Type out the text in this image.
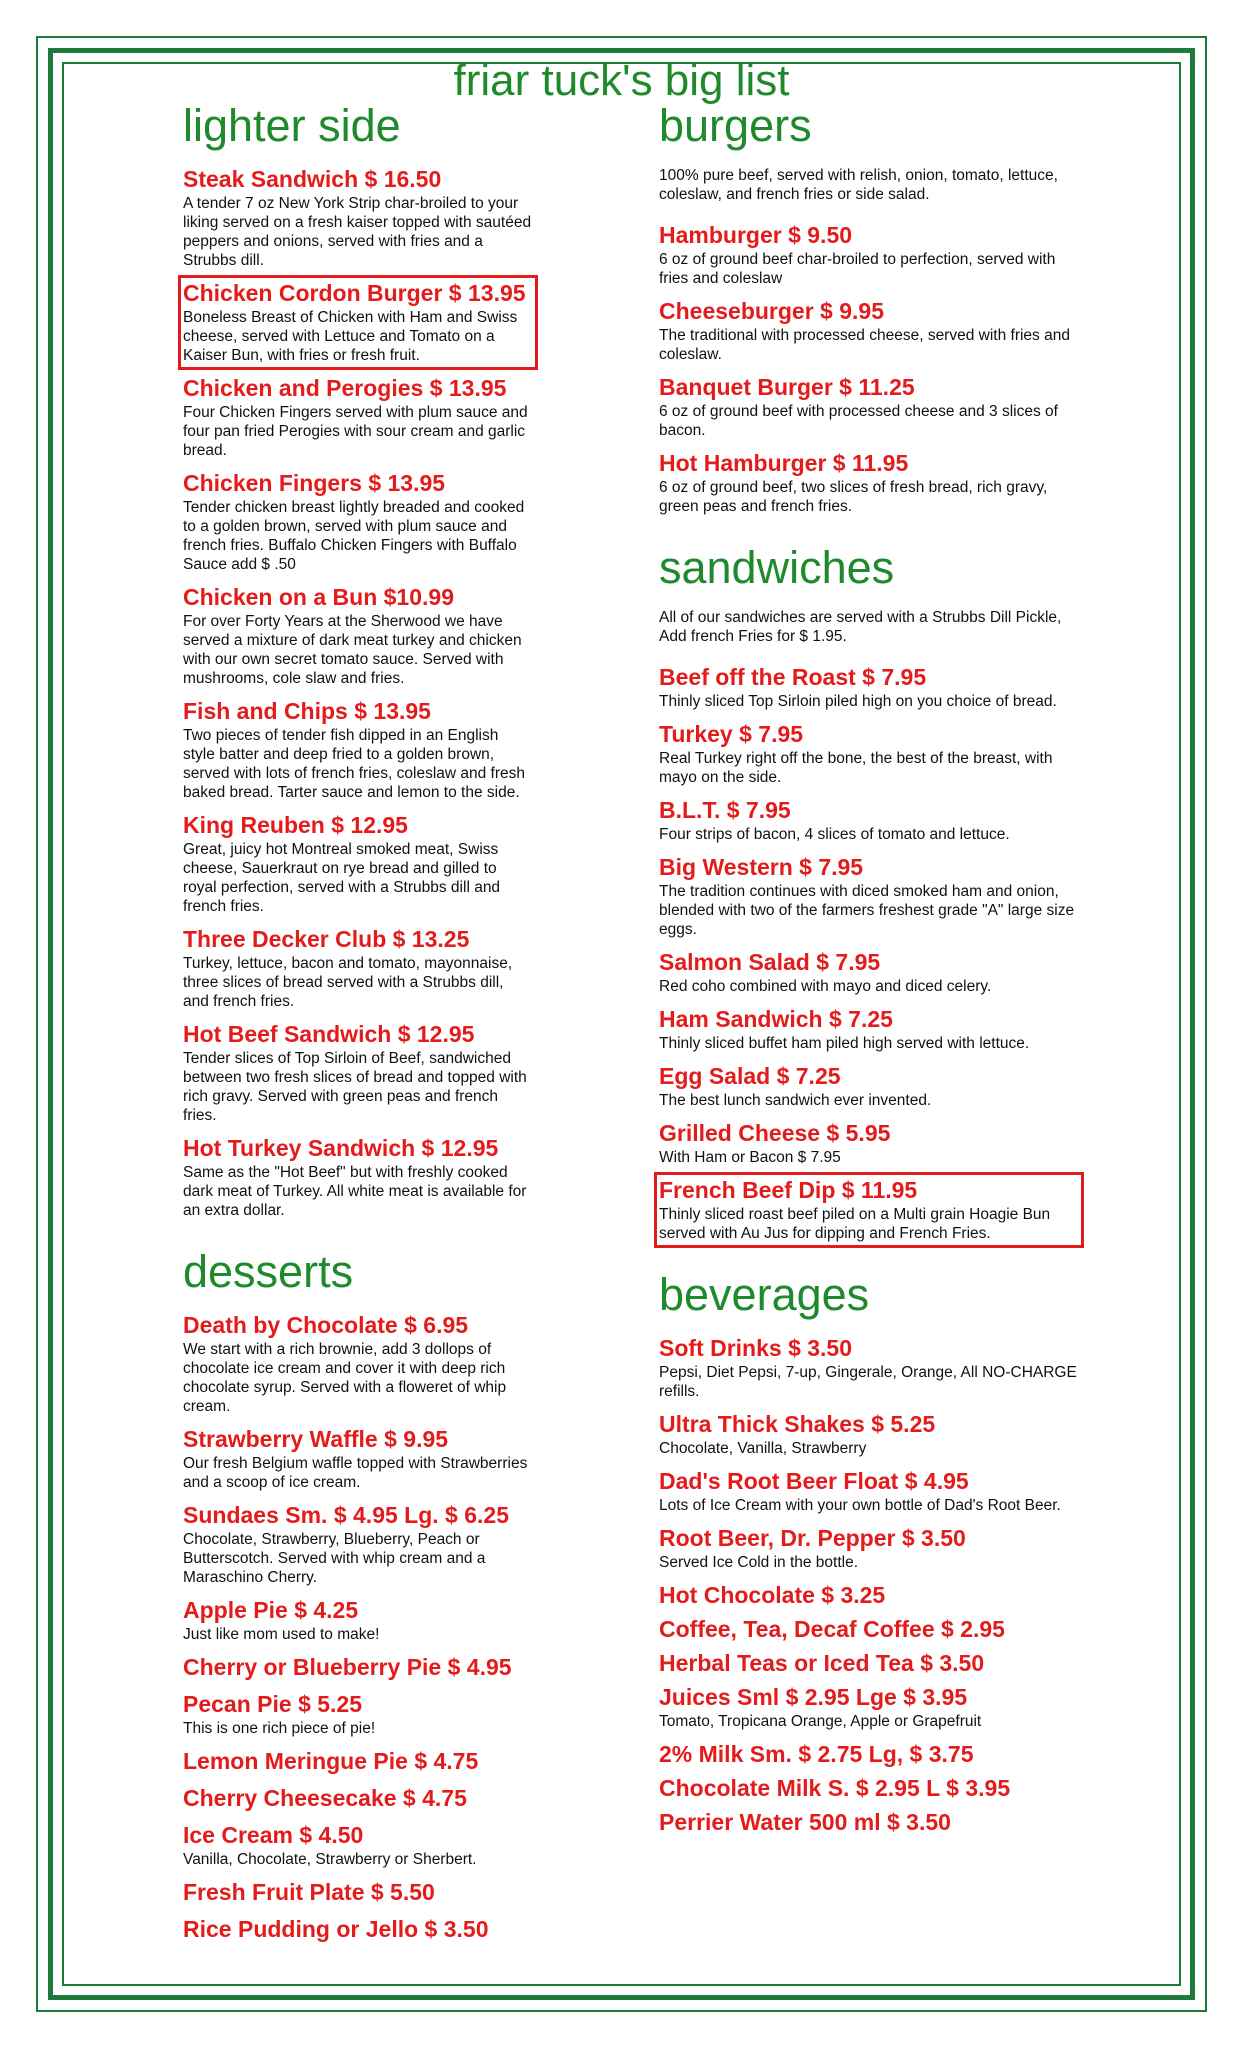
friar tuck's big list
lighter side
Steak Sandwich $ 16.50
A tender 7 oz New York Strip char-broiled to your liking served on a fresh kaiser topped with sautéed peppers and onions, served with fries and a Strubbs dill.
Chicken Cordon Burger $ 13.95
Boneless Breast of Chicken with Ham and Swiss cheese, served with Lettuce and Tomato on a Kaiser Bun, with fries or fresh fruit.
Chicken and Perogies $ 13.95
Four Chicken Fingers served with plum sauce and four pan fried Perogies with sour cream and garlic bread.
Chicken Fingers $ 13.95
Tender chicken breast lightly breaded and cooked to a golden brown, served with plum sauce and french fries. Buffalo Chicken Fingers with Buffalo Sauce add $ .50
Chicken on a Bun $10.99
For over Forty Years at the Sherwood we have served a mixture of dark meat turkey and chicken with our own secret tomato sauce. Served with mushrooms, cole slaw and fries.
Fish and Chips $ 13.95
Two pieces of tender fish dipped in an English style batter and deep fried to a golden brown, served with lots of french fries, coleslaw and fresh baked bread. Tarter sauce and lemon to the side.
King Reuben $ 12.95
Great, juicy hot Montreal smoked meat, Swiss cheese, Sauerkraut on rye bread and gilled to royal perfection, served with a Strubbs dill and french fries.
Three Decker Club $ 13.25
Turkey, lettuce, bacon and tomato, mayonnaise, three slices of bread served with a Strubbs dill, and french fries.
Hot Beef Sandwich $ 12.95
Tender slices of Top Sirloin of Beef, sandwiched between two fresh slices of bread and topped with rich gravy. Served with green peas and french fries.
Hot Turkey Sandwich $ 12.95
Same as the "Hot Beef" but with freshly cooked dark meat of Turkey. All white meat is available for an extra dollar.
desserts
Death by Chocolate $ 6.95
We start with a rich brownie, add 3 dollops of chocolate ice cream and cover it with deep rich chocolate syrup. Served with a floweret of whip cream.
Strawberry Waffle $ 9.95
Our fresh Belgium waffle topped with Strawberries and a scoop of ice cream.
Sundaes Sm. $ 4.95 Lg. $ 6.25
Chocolate, Strawberry, Blueberry, Peach or Butterscotch. Served with whip cream and a Maraschino Cherry.
Apple Pie $ 4.25
Just like mom used to make!
Cherry or Blueberry Pie $ 4.95
Pecan Pie $ 5.25
This is one rich piece of pie!
Lemon Meringue Pie $ 4.75
Cherry Cheesecake $ 4.75
Ice Cream $ 4.50
Vanilla, Chocolate, Strawberry or Sherbert.
Fresh Fruit Plate $ 5.50
Rice Pudding or Jello $ 3.50
burgers
100% pure beef, served with relish, onion, tomato, lettuce, coleslaw, and french fries or side salad.
Hamburger $ 9.50
6 oz of ground beef char-broiled to perfection, served with fries and coleslaw
Cheeseburger $ 9.95
The traditional with processed cheese, served with fries and coleslaw.
Banquet Burger $ 11.25
6 oz of ground beef with processed cheese and 3 slices of bacon.
Hot Hamburger $ 11.95
6 oz of ground beef, two slices of fresh bread, rich gravy, green peas and french fries.
sandwiches
All of our sandwiches are served with a Strubbs Dill Pickle, Add french Fries for $ 1.95.
Beef off the Roast $ 7.95
Thinly sliced Top Sirloin piled high on you choice of bread.
Turkey $ 7.95
Real Turkey right off the bone, the best of the breast, with mayo on the side.
B.L.T. $ 7.95
Four strips of bacon, 4 slices of tomato and lettuce.
Big Western $ 7.95
The tradition continues with diced smoked ham and onion, blended with two of the farmers freshest grade "A" large size eggs.
Salmon Salad $ 7.95
Red coho combined with mayo and diced celery.
Ham Sandwich $ 7.25
Thinly sliced buffet ham piled high served with lettuce.
Egg Salad $ 7.25
The best lunch sandwich ever invented.
Grilled Cheese $ 5.95
With Ham or Bacon $ 7.95
French Beef Dip $ 11.95
Thinly sliced roast beef piled on a Multi grain Hoagie Bun served with Au Jus for dipping and French Fries.
beverages
Soft Drinks $ 3.50
Pepsi, Diet Pepsi, 7-up, Gingerale, Orange, All NO-CHARGE refills.
Ultra Thick Shakes $ 5.25
Chocolate, Vanilla, Strawberry
Dad's Root Beer Float $ 4.95
Lots of Ice Cream with your own bottle of Dad's Root Beer.
Root Beer, Dr. Pepper $ 3.50
Served Ice Cold in the bottle.
Hot Chocolate $ 3.25
Coffee, Tea, Decaf Coffee $ 2.95
Herbal Teas or Iced Tea $ 3.50
Juices Sml $ 2.95 Lge $ 3.95
Tomato, Tropicana Orange, Apple or Grapefruit
2% Milk Sm. $ 2.75 Lg, $ 3.75
Chocolate Milk S. $ 2.95 L $ 3.95
Perrier Water 500 ml $ 3.50
